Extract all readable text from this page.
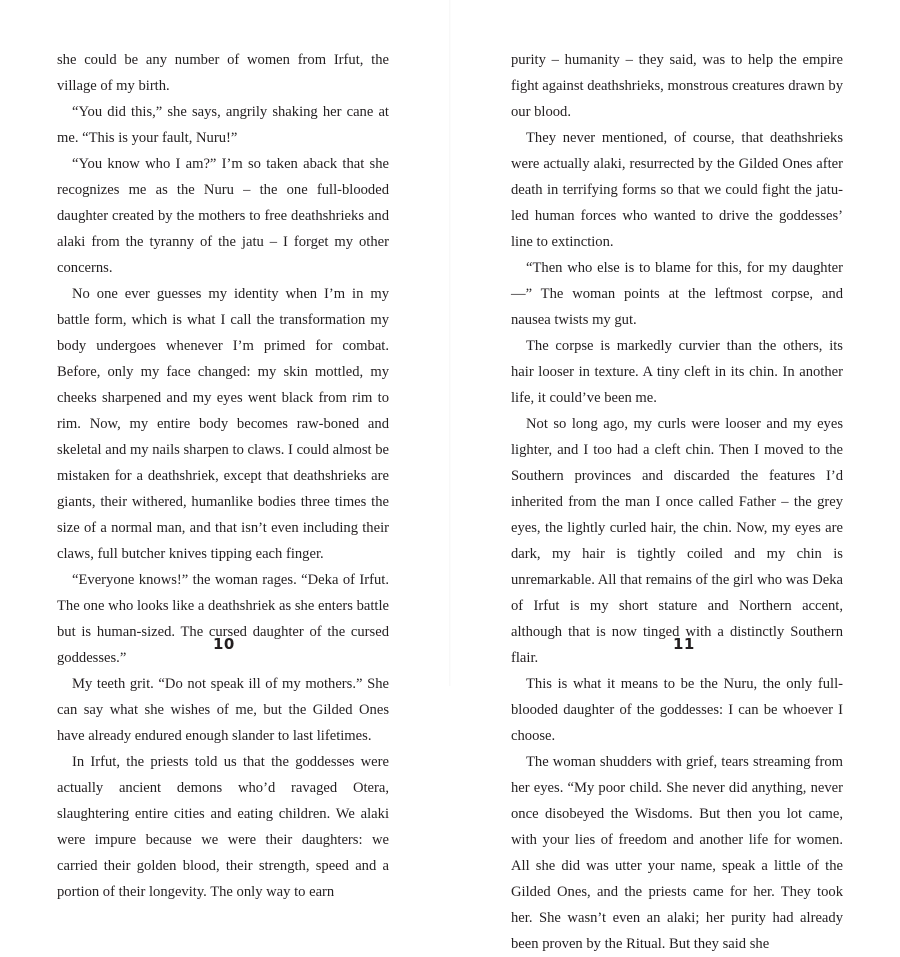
she could be any number of women from Irfut, the village of my birth.

“You did this,” she says, angrily shaking her cane at me. “This is your fault, Nuru!”

“You know who I am?” I’m so taken aback that she recognizes me as the Nuru – the one full-blooded daughter created by the mothers to free deathshrieks and alaki from the tyranny of the jatu – I forget my other concerns.

No one ever guesses my identity when I’m in my battle form, which is what I call the transformation my body undergoes whenever I’m primed for combat. Before, only my face changed: my skin mottled, my cheeks sharpened and my eyes went black from rim to rim. Now, my entire body becomes raw-boned and skeletal and my nails sharpen to claws. I could almost be mistaken for a deathshriek, except that deathshrieks are giants, their withered, humanlike bodies three times the size of a normal man, and that isn’t even including their claws, full butcher knives tipping each finger.

“Everyone knows!” the woman rages. “Deka of Irfut. The one who looks like a deathshriek as she enters battle but is human-sized. The cursed daughter of the cursed goddesses.”

My teeth grit. “Do not speak ill of my mothers.” She can say what she wishes of me, but the Gilded Ones have already endured enough slander to last lifetimes.

In Irfut, the priests told us that the goddesses were actually ancient demons who’d ravaged Otera, slaughtering entire cities and eating children. We alaki were impure because we were their daughters: we carried their golden blood, their strength, speed and a portion of their longevity. The only way to earn

10

purity – humanity – they said, was to help the empire fight against deathshrieks, monstrous creatures drawn by our blood.

They never mentioned, of course, that deathshrieks were actually alaki, resurrected by the Gilded Ones after death in terrifying forms so that we could fight the jatu-led human forces who wanted to drive the goddesses’ line to extinction.

“Then who else is to blame for this, for my daughter—” The woman points at the leftmost corpse, and nausea twists my gut.

The corpse is markedly curvier than the others, its hair looser in texture. A tiny cleft in its chin. In another life, it could’ve been me.

Not so long ago, my curls were looser and my eyes lighter, and I too had a cleft chin. Then I moved to the Southern provinces and discarded the features I’d inherited from the man I once called Father – the grey eyes, the lightly curled hair, the chin. Now, my eyes are dark, my hair is tightly coiled and my chin is unremarkable. All that remains of the girl who was Deka of Irfut is my short stature and Northern accent, although that is now tinged with a distinctly Southern flair.

This is what it means to be the Nuru, the only full-blooded daughter of the goddesses: I can be whoever I choose.

The woman shudders with grief, tears streaming from her eyes. “My poor child. She never did anything, never once disobeyed the Wisdoms. But then you lot came, with your lies of freedom and another life for women. All she did was utter your name, speak a little of the Gilded Ones, and the priests came for her. They took her. She wasn’t even an alaki; her purity had already been proven by the Ritual. But they said she

11
